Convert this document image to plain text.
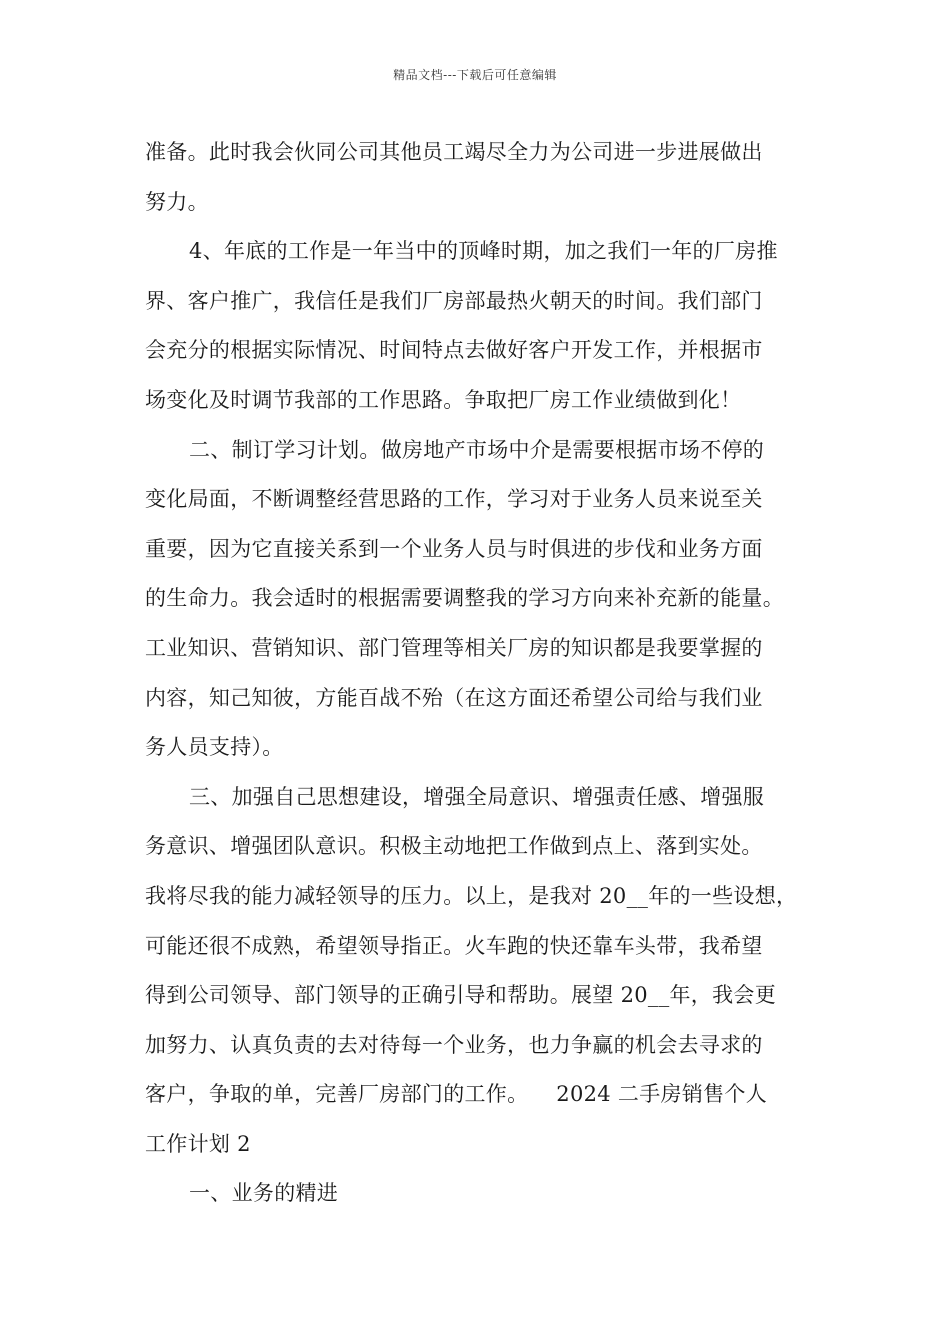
精品文档---下载后可任意编辑
准备。此时我会伙同公司其他员工竭尽全力为公司进一步进展做出
努力。
4、年底的工作是一年当中的顶峰时期，加之我们一年的厂房推
界、客户推广，我信任是我们厂房部最热火朝天的时间。我们部门
会充分的根据实际情况、时间特点去做好客户开发工作，并根据市
场变化及时调节我部的工作思路。争取把厂房工作业绩做到化！
二、制订学习计划。做房地产市场中介是需要根据市场不停的
变化局面，不断调整经营思路的工作，学习对于业务人员来说至关
重要，因为它直接关系到一个业务人员与时俱进的步伐和业务方面
的生命力。我会适时的根据需要调整我的学习方向来补充新的能量。
工业知识、营销知识、部门管理等相关厂房的知识都是我要掌握的
内容，知己知彼，方能百战不殆（在这方面还希望公司给与我们业
务人员支持）。
三、加强自己思想建设，增强全局意识、增强责任感、增强服
务意识、增强团队意识。积极主动地把工作做到点上、落到实处。
我将尽我的能力减轻领导的压力。以上，是我对 20__年的一些设想，
可能还很不成熟，希望领导指正。火车跑的快还靠车头带，我希望
得到公司领导、部门领导的正确引导和帮助。展望 20__年，我会更
加努力、认真负责的去对待每一个业务，也力争赢的机会去寻求的
客户，争取的单，完善厂房部门的工作。    2024 二手房销售个人
工作计划 2
一、业务的精进
